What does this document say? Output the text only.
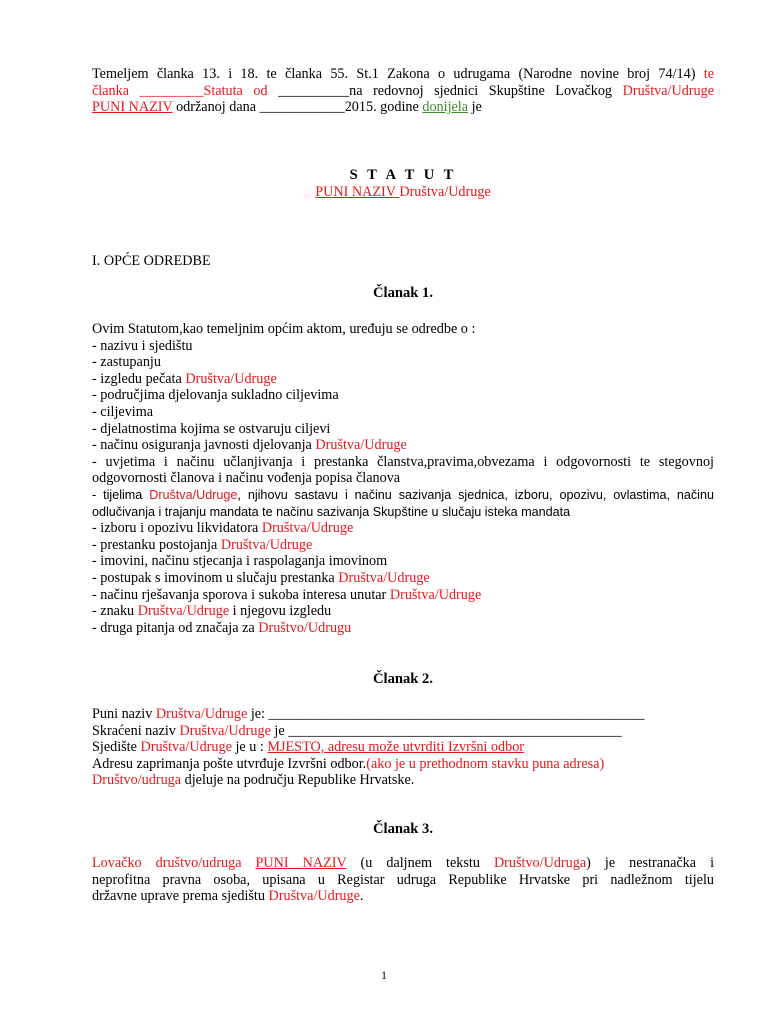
Temeljem članka 13. i 18. te članka 55. St.1 Zakona o udrugama (Narodne novine broj 74/14) te
članka _________Statuta od __________na redovnoj sjednici Skupštine Lovačkog Društva/Udruge
PUNI NAZIV održanoj dana ____________2015. godine donijela je
S T A T U T
PUNI NAZIV Društva/Udruge
I. OPĆE ODREDBE
Članak 1.
Ovim Statutom,kao temeljnim općim aktom, uređuju se odredbe o :
- nazivu i sjedištu
- zastupanju
- izgledu pečata Društva/Udruge
- područjima djelovanja sukladno ciljevima
- ciljevima
- djelatnostima kojima se ostvaruju ciljevi
- načinu osiguranja javnosti djelovanja Društva/Udruge
- uvjetima i načinu učlanjivanja i prestanka članstva,pravima,obvezama i odgovornosti te stegovnoj
odgovornosti članova i načinu vođenja popisa članova
- tijelima Društva/Udruge, njihovu sastavu i načinu sazivanja sjednica, izboru, opozivu, ovlastima, načinu
odlučivanja i trajanju mandata te načinu sazivanja Skupštine u slučaju isteka mandata
- izboru i opozivu likvidatora Društva/Udruge
- prestanku postojanja Društva/Udruge
- imovini, načinu stjecanja i raspolaganja imovinom
- postupak s imovinom u slučaju prestanka Društva/Udruge
- načinu rješavanja sporova i sukoba interesa unutar Društva/Udruge
- znaku Društva/Udruge i njegovu izgledu
- druga pitanja od značaja za Društvo/Udrugu
Članak 2.
Puni naziv Društva/Udruge je: _____________________________________________________
Skraćeni naziv Društva/Udruge je _______________________________________________
Sjedište Društva/Udruge je u : MJESTO, adresu može utvrditi Izvršni odbor
Adresu zaprimanja pošte utvrđuje Izvršni odbor.(ako je u prethodnom stavku puna adresa)
Društvo/udruga djeluje na području Republike Hrvatske.
Članak 3.
Lovačko društvo/udruga PUNI NAZIV (u daljnem tekstu Društvo/Udruga) je nestranačka i
neprofitna pravna osoba, upisana u Registar udruga Republike Hrvatske pri nadležnom tijelu
državne uprave prema sjedištu Društva/Udruge.
1
